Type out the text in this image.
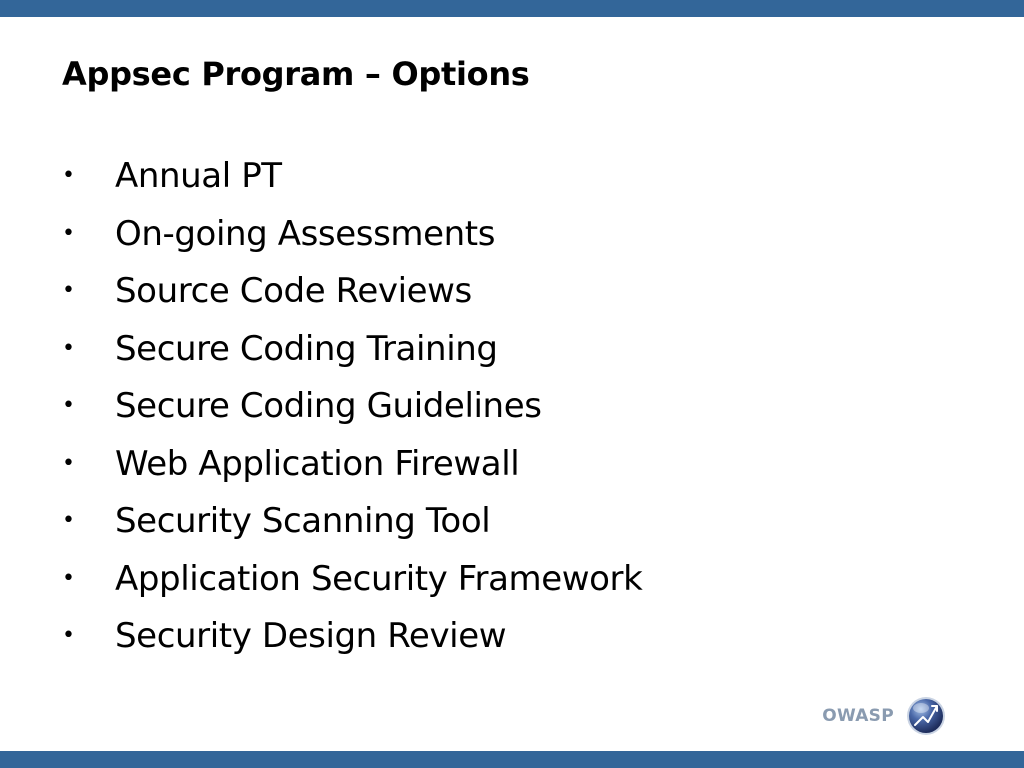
Appsec Program – Options
•	Annual PT
•	On-going Assessments
•	Source Code Reviews
•	Secure Coding Training
•	Secure Coding Guidelines
•	Web Application Firewall
•	Security Scanning Tool
•	Application Security Framework
•	Security Design Review
OWASP
